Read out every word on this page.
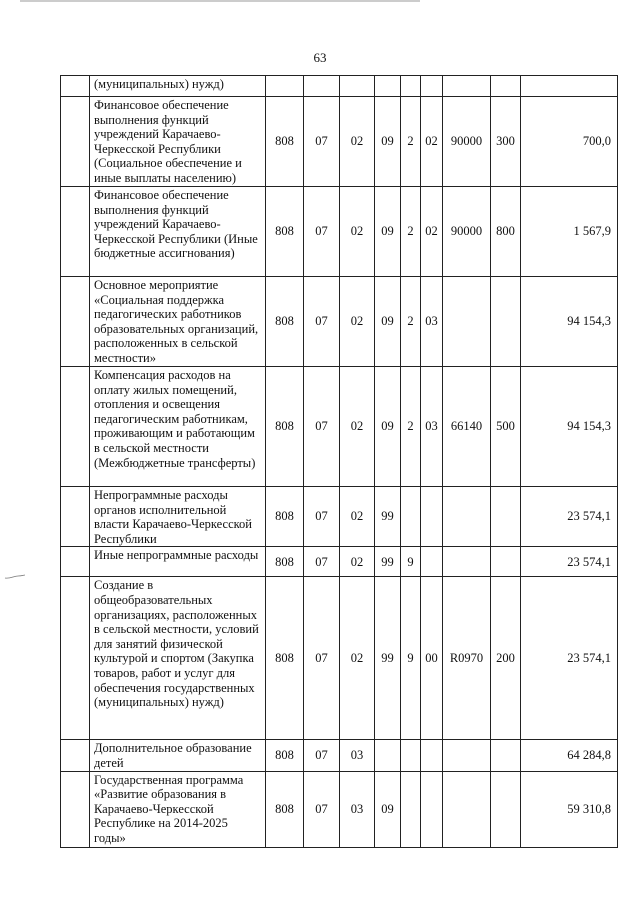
63
	(муниципальных) нужд)									
	Финансовое обеспечение выполнения функций учреждений Карачаево-Черкесской Республики (Социальное обеспечение и иные выплаты населению)	808	07	02	09	2	02	90000	300	700,0
	Финансовое обеспечение выполнения функций учреждений Карачаево-Черкесской Республики (Иные бюджетные ассигнования)	808	07	02	09	2	02	90000	800	1 567,9
	Основное мероприятие «Социальная поддержка педагогических работников образовательных организаций, расположенных в сельской местности»	808	07	02	09	2	03			94 154,3
	Компенсация расходов на оплату жилых помещений, отопления и освещения педагогическим работникам, проживающим и работающим в сельской местности (Межбюджетные трансферты)	808	07	02	09	2	03	66140	500	94 154,3
	Непрограммные расходы органов исполнительной власти Карачаево-Черкесской Республики	808	07	02	99					23 574,1
	Иные непрограммные расходы	808	07	02	99	9				23 574,1
	Создание в общеобразовательных организациях, расположенных в сельской местности, условий для занятий физической культурой и спортом (Закупка товаров, работ и услуг для обеспечения государственных (муниципальных) нужд)	808	07	02	99	9	00	R0970	200	23 574,1
	Дополнительное образование детей	808	07	03						64 284,8
	Государственная программа «Развитие образования в Карачаево-Черкесской Республике на 2014-2025 годы»	808	07	03	09					59 310,8
